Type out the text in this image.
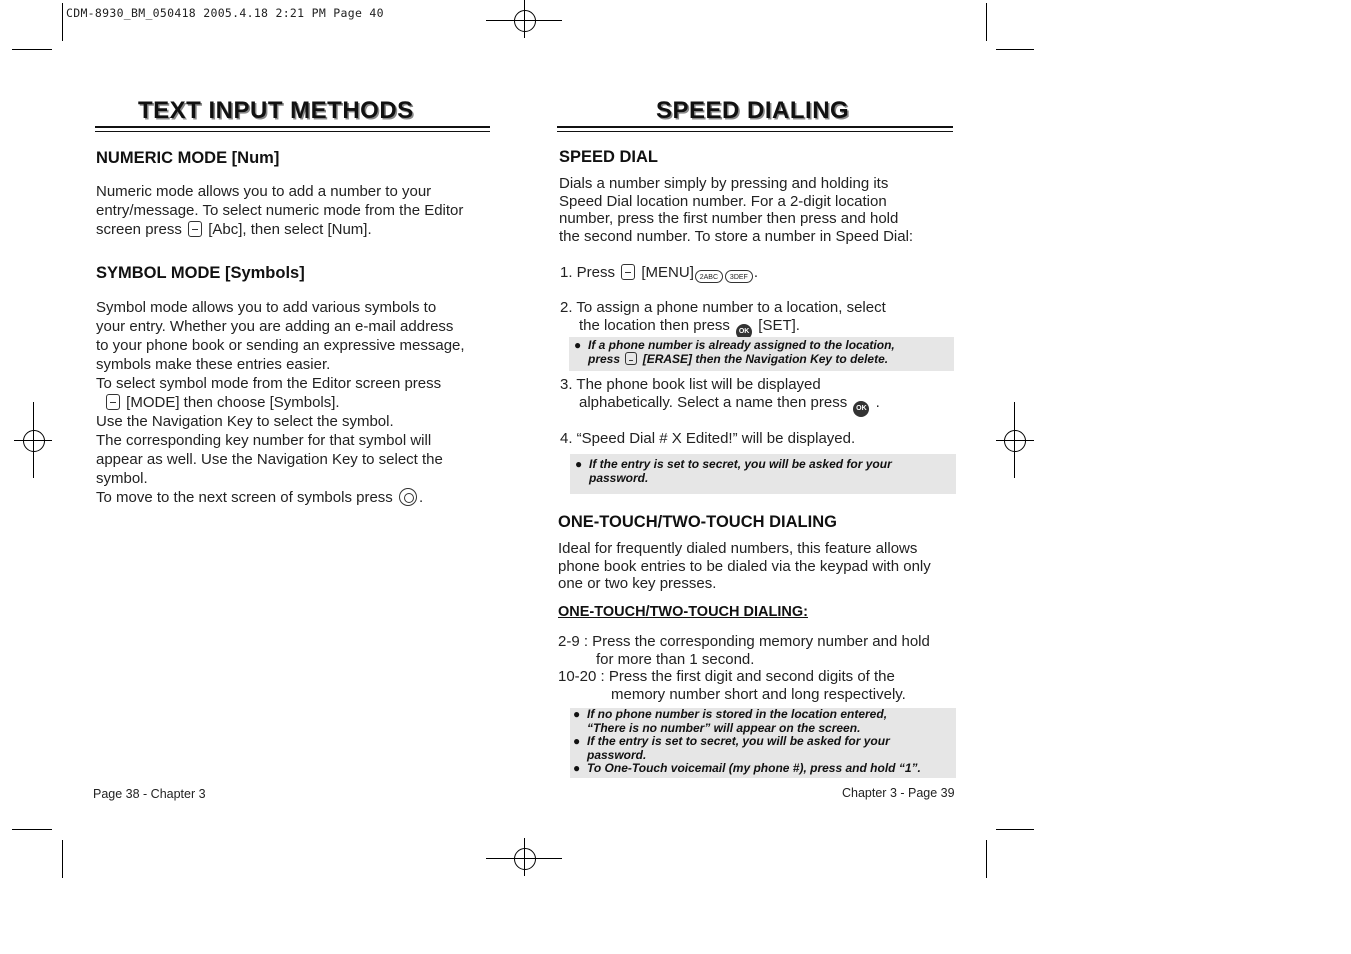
CDM-8930_BM_050418 2005.4.18 2:21 PM Page 40
TEXT INPUT METHODS
NUMERIC MODE [Num]
Numeric mode allows you to add a number to your
entry/message. To select numeric mode from the Editor
screen press [Abc], then select [Num].
SYMBOL MODE [Symbols]
Symbol mode allows you to add various symbols to
your entry. Whether you are adding an e-mail address
to your phone book or sending an expressive message,
symbols make these entries easier.
To select symbol mode from the Editor screen press
[MODE] then choose [Symbols].
Use the Navigation Key to select the symbol.
The corresponding key number for that symbol will
appear as well. Use the Navigation Key to select the
symbol.
To move to the next screen of symbols press .
Page 38 - Chapter 3
SPEED DIALING
SPEED DIAL
Dials a number simply by pressing and holding its
Speed Dial location number. For a 2-digit location
number, press the first number then press and hold
the second number. To store a number in Speed Dial:
1. Press [MENU] 2ABC 3DEF .
2. To assign a phone number to a location, select
the location then press OK [SET].
● If a phone number is already assigned to the location,
press [ERASE] then the Navigation Key to delete.
3. The phone book list will be displayed
alphabetically. Select a name then press OK .
4. “Speed Dial # X Edited!” will be displayed.
● If the entry is set to secret, you will be asked for your
password.
ONE-TOUCH/TWO-TOUCH DIALING
Ideal for frequently dialed numbers, this feature allows
phone book entries to be dialed via the keypad with only
one or two key presses.
ONE-TOUCH/TWO-TOUCH DIALING:
2-9 : Press the corresponding memory number and hold
for more than 1 second.
10-20 : Press the first digit and second digits of the
memory number short and long respectively.
● If no phone number is stored in the location entered,
“There is no number” will appear on the screen.
● If the entry is set to secret, you will be asked for your
password.
● To One-Touch voicemail (my phone #), press and hold “1”.
Chapter 3 - Page 39
